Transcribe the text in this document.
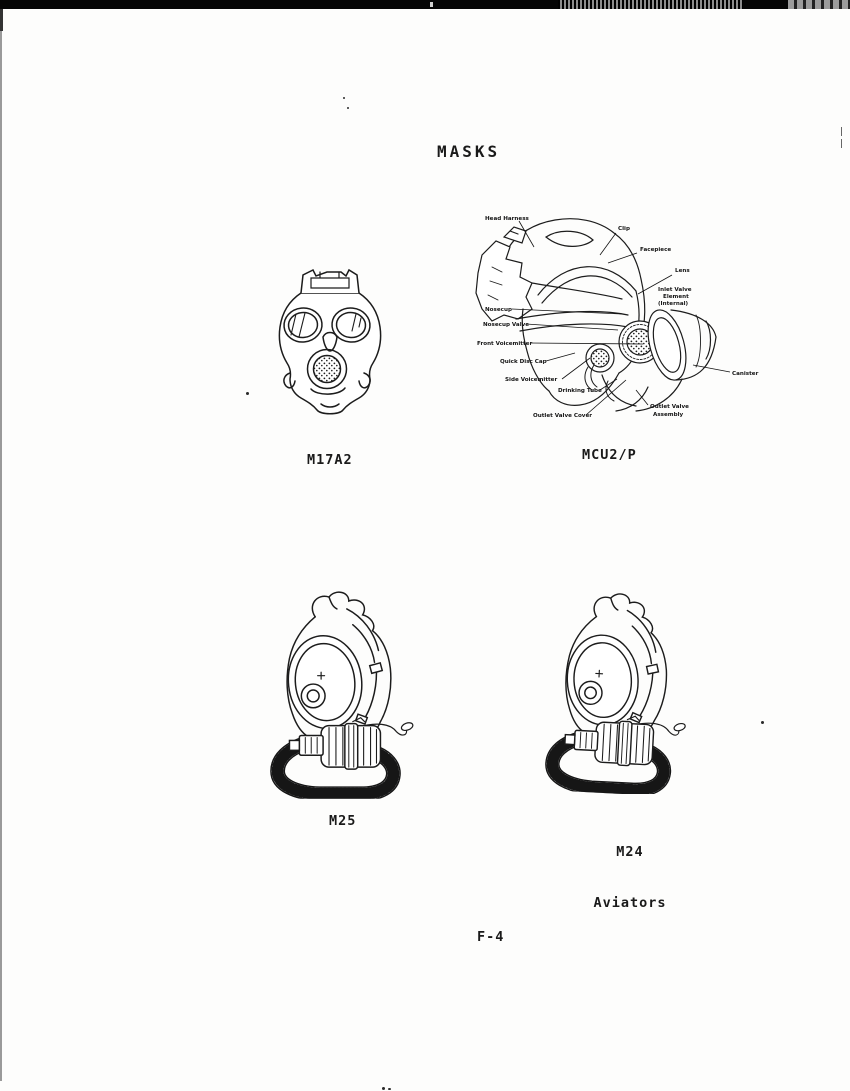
MASKS
M17A2
Head Harness
Clip
Facepiece
Lens
Inlet Valve
Element
(Internal)
Nosecup
Nosecup Valve
Front Voicemitter
Quick Disc Cap
Side Voicemitter
Drinking Tube
Outlet Valve Cover
Outlet Valve
Assembly
Canister
MCU2/P
M25

M24

Aviators

F-4
